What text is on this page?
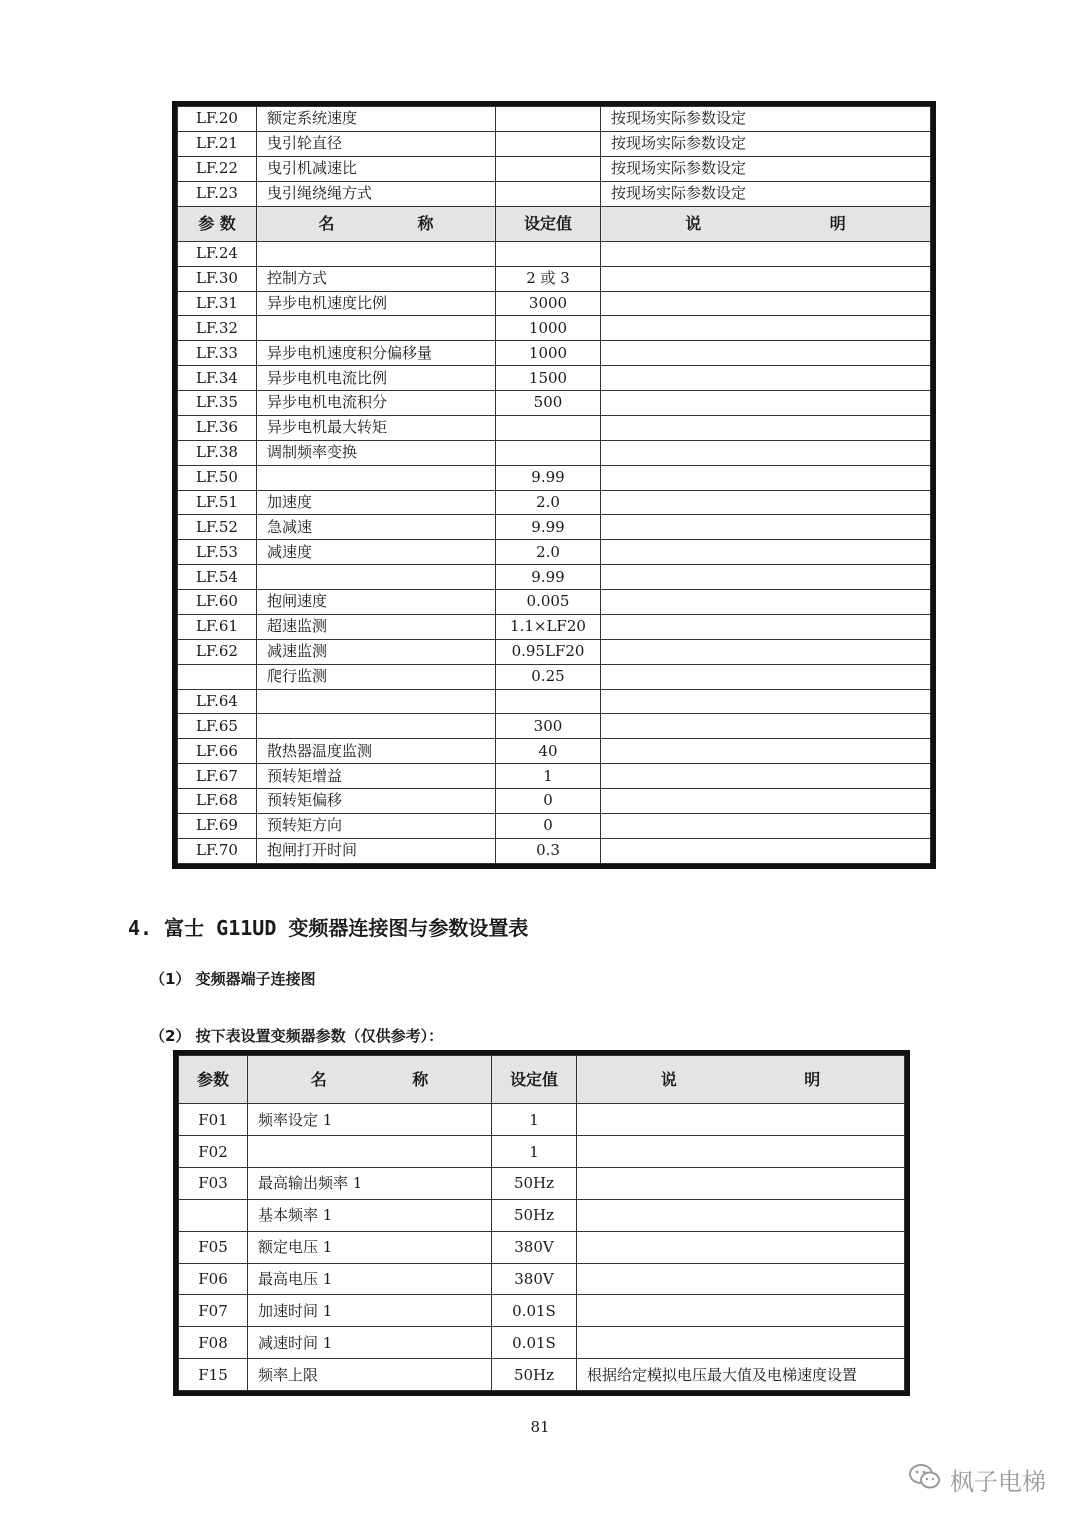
LF.20	额定系统速度		按现场实际参数设定
LF.21	曳引轮直径		按现场实际参数设定
LF.22	曳引机减速比		按现场实际参数设定
LF.23	曳引绳绕绳方式		按现场实际参数设定
参 数	名 称	设定值	说 明

LF.24			
LF.30	控制方式	2 或 3	
LF.31	异步电机速度比例	3000	
LF.32		1000	
LF.33	异步电机速度积分偏移量	1000	
LF.34	异步电机电流比例	1500	
LF.35	异步电机电流积分	500	
LF.36	异步电机最大转矩		
LF.38	调制频率变换		
LF.50		9.99	
LF.51	加速度	2.0	
LF.52	急减速	9.99	
LF.53	减速度	2.0	
LF.54		9.99	
LF.60	抱闸速度	0.005	
LF.61	超速监测	1.1×LF20	
LF.62	减速监测	0.95LF20	
	爬行监测	0.25	
LF.64			
LF.65		300	
LF.66	散热器温度监测	40	
LF.67	预转矩增益	1	
LF.68	预转矩偏移	0	
LF.69	预转矩方向	0	
LF.70	抱闸打开时间	0.3	
4. 富士 G11UD 变频器连接图与参数设置表
（1） 变频器端子连接图
（2） 按下表设置变频器参数（仅供参考）：
参数	名 称	设定值	说 明

F01	频率设定 1	1	
F02		1	
F03	最高输出频率 1	50Hz	
	基本频率 1	50Hz	
F05	额定电压 1	380V	
F06	最高电压 1	380V	
F07	加速时间 1	0.01S	
F08	减速时间 1	0.01S	
F15	频率上限	50Hz	根据给定模拟电压最大值及电梯速度设置
81
枫子电梯
